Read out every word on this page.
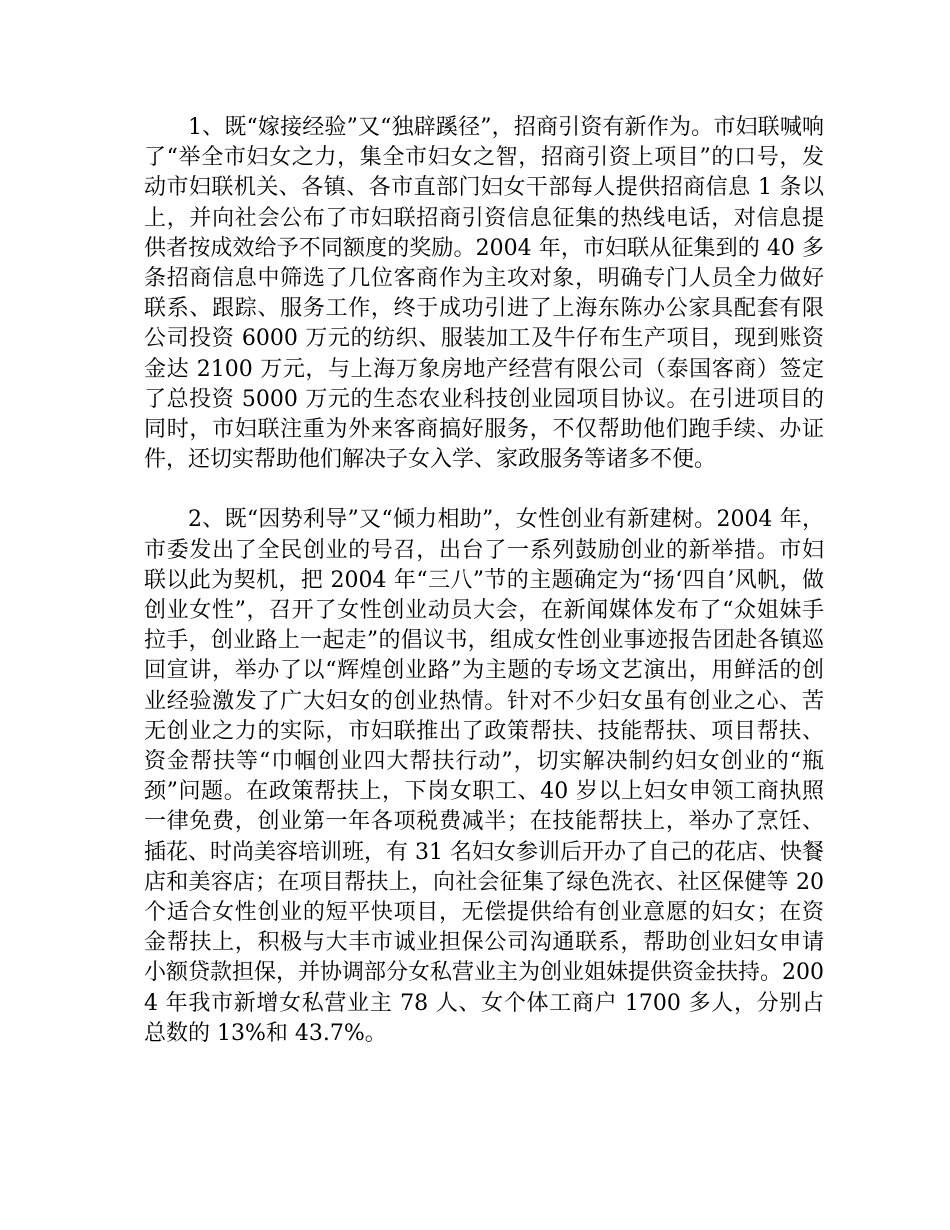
1、既“嫁接经验”又“独辟蹊径”，招商引资有新作为。市妇联喊响了“举全市妇女之力，集全市妇女之智，招商引资上项目”的口号，发动市妇联机关、各镇、各市直部门妇女干部每人提供招商信息 1 条以上，并向社会公布了市妇联招商引资信息征集的热线电话，对信息提供者按成效给予不同额度的奖励。2004 年，市妇联从征集到的 40 多条招商信息中筛选了几位客商作为主攻对象，明确专门人员全力做好联系、跟踪、服务工作，终于成功引进了上海东陈办公家具配套有限公司投资 6000 万元的纺织、服装加工及牛仔布生产项目，现到账资金达 2100 万元，与上海万象房地产经营有限公司（泰国客商）签定了总投资 5000 万元的生态农业科技创业园项目协议。在引进项目的同时，市妇联注重为外来客商搞好服务，不仅帮助他们跑手续、办证件，还切实帮助他们解决子女入学、家政服务等诸多不便。

2、既“因势利导”又“倾力相助”，女性创业有新建树。2004 年，市委发出了全民创业的号召，出台了一系列鼓励创业的新举措。市妇联以此为契机，把 2004 年“三八”节的主题确定为“扬‘四自’风帆，做创业女性”，召开了女性创业动员大会，在新闻媒体发布了“众姐妹手拉手，创业路上一起走”的倡议书，组成女性创业事迹报告团赴各镇巡回宣讲，举办了以“辉煌创业路”为主题的专场文艺演出，用鲜活的创业经验激发了广大妇女的创业热情。针对不少妇女虽有创业之心、苦无创业之力的实际，市妇联推出了政策帮扶、技能帮扶、项目帮扶、资金帮扶等“巾帼创业四大帮扶行动”，切实解决制约妇女创业的“瓶颈”问题。在政策帮扶上，下岗女职工、40 岁以上妇女申领工商执照一律免费，创业第一年各项税费减半；在技能帮扶上，举办了烹饪、插花、时尚美容培训班，有 31 名妇女参训后开办了自己的花店、快餐店和美容店；在项目帮扶上，向社会征集了绿色洗衣、社区保健等 20 个适合女性创业的短平快项目，无偿提供给有创业意愿的妇女；在资金帮扶上，积极与大丰市诚业担保公司沟通联系，帮助创业妇女申请小额贷款担保，并协调部分女私营业主为创业姐妹提供资金扶持。2004 年我市新增女私营业主 78 人、女个体工商户 1700 多人，分别占总数的 13%和 43.7%。
